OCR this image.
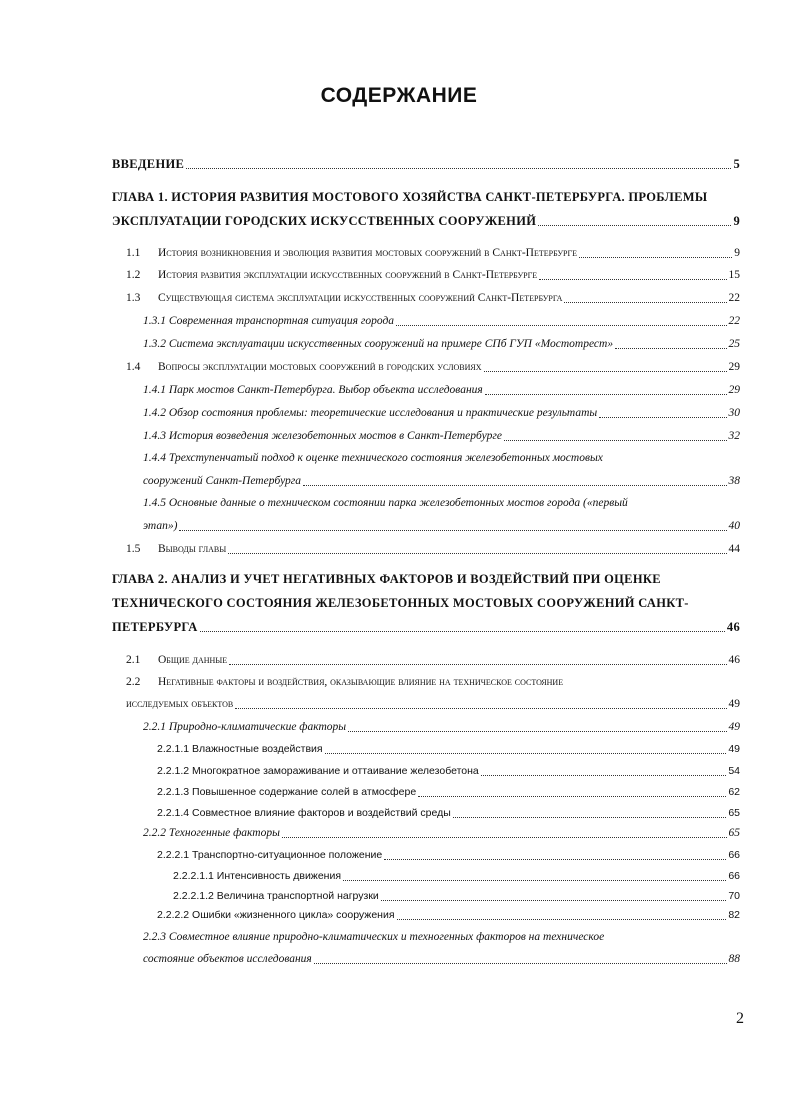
СОДЕРЖАНИЕ
ВВЕДЕНИЕ	5
ГЛАВА 1. ИСТОРИЯ РАЗВИТИЯ МОСТОВОГО ХОЗЯЙСТВА САНКТ-ПЕТЕРБУРГА. ПРОБЛЕМЫ
ЭКСПЛУАТАЦИИ ГОРОДСКИХ ИСКУССТВЕННЫХ СООРУЖЕНИЙ	9
1.1	История возникновения и эволюция развития мостовых сооружений в Санкт-Петербурге	9
1.2	История развития эксплуатации искусственных сооружений в Санкт-Петербурге	15
1.3	Существующая система эксплуатации искусственных сооружений Санкт-Петербурга	22
1.3.1 Современная транспортная ситуация города	22
1.3.2 Система эксплуатации искусственных сооружений на примере СПб ГУП «Мостотрест»	25
1.4	Вопросы эксплуатации мостовых сооружений в городских условиях	29
1.4.1 Парк мостов Санкт-Петербурга. Выбор объекта исследования	29
1.4.2 Обзор состояния проблемы: теоретические исследования и практические результаты	30
1.4.3 История возведения железобетонных мостов в Санкт-Петербурге	32
1.4.4 Трехступенчатый подход к оценке технического состояния железобетонных мостовых
сооружений Санкт-Петербурга	38
1.4.5 Основные данные о техническом состоянии парка железобетонных мостов города («первый
этап»)	40
1.5	Выводы главы	44
ГЛАВА 2. АНАЛИЗ И УЧЕТ НЕГАТИВНЫХ ФАКТОРОВ И ВОЗДЕЙСТВИЙ ПРИ ОЦЕНКЕ
ТЕХНИЧЕСКОГО СОСТОЯНИЯ ЖЕЛЕЗОБЕТОННЫХ МОСТОВЫХ СООРУЖЕНИЙ САНКТ-
ПЕТЕРБУРГА	46
2.1	Общие данные	46
2.2 Негативные факторы и воздействия, оказывающие влияние на техническое состояние
исследуемых объектов	49
2.2.1 Природно-климатические факторы	49
2.2.1.1 Влажностные воздействия	49
2.2.1.2 Многократное замораживание и оттаивание железобетона	54
2.2.1.3 Повышенное содержание солей в атмосфере	62
2.2.1.4 Совместное влияние факторов и воздействий среды	65
2.2.2 Техногенные факторы	65
2.2.2.1 Транспортно-ситуационное положение	66
2.2.2.1.1 Интенсивность движения	66
2.2.2.1.2 Величина транспортной нагрузки	70
2.2.2.2 Ошибки «жизненного цикла» сооружения	82
2.2.3 Совместное влияние природно-климатических и техногенных факторов на техническое
состояние объектов исследования	88
2
